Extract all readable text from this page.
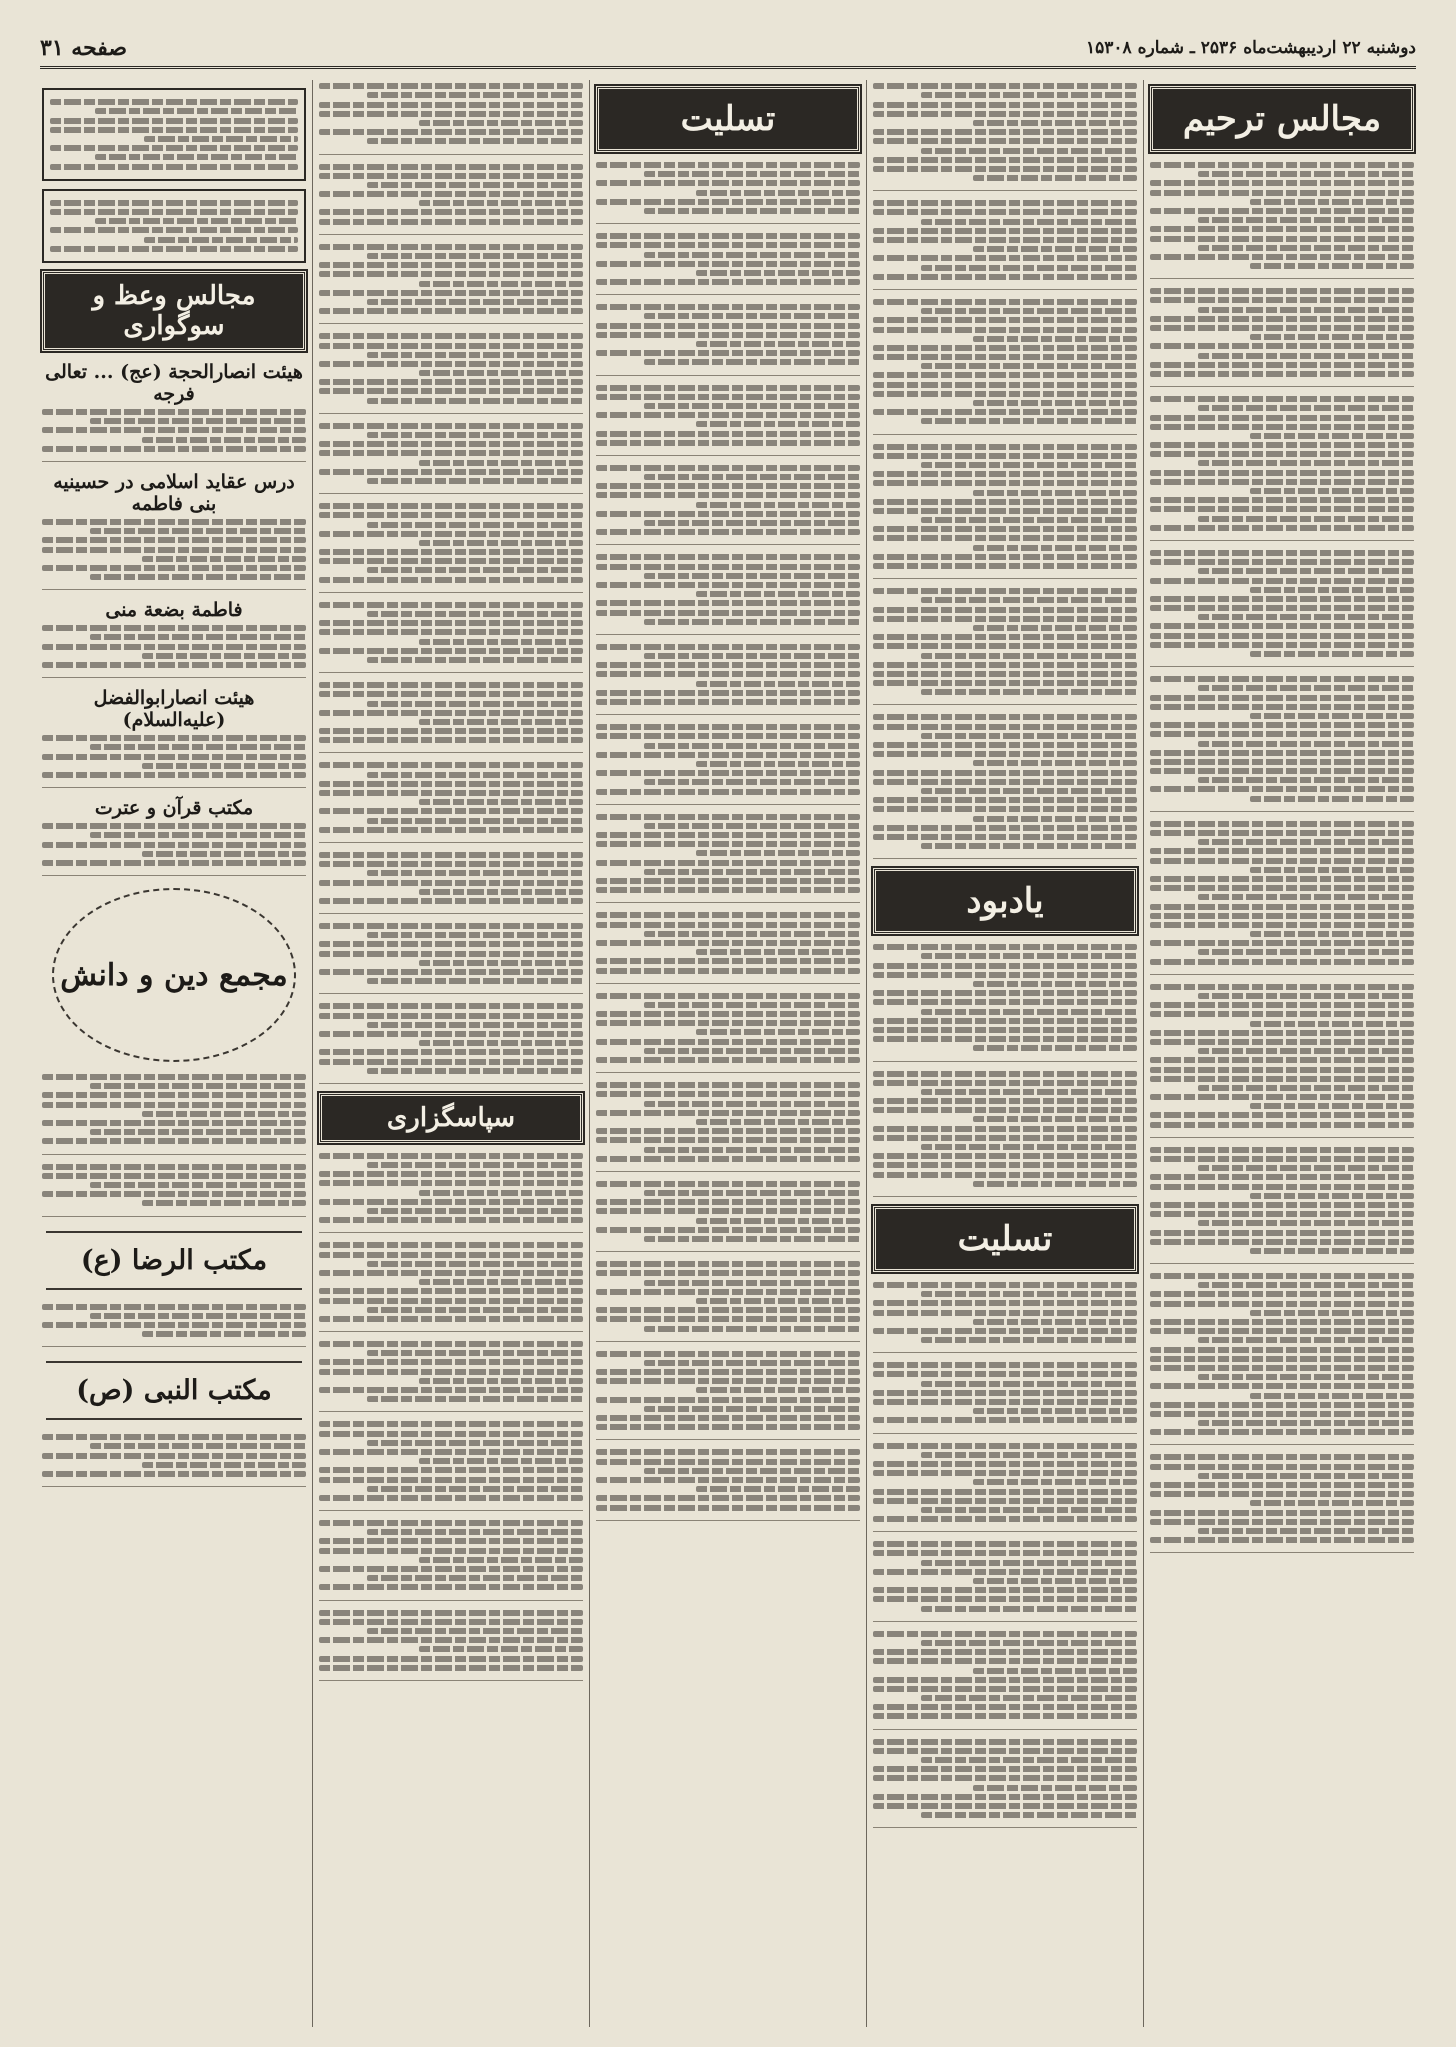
دوشنبه ۲۲ اردیبهشت‌ماه ۲۵۳۶ ـ شماره ۱۵۳۰۸
صفحه ۳۱
مجالس ترحیم
یادبود
تسلیت
تسلیت
سپاسگزاری
مجالس وعظ و سوگواری
هیئت انصارالحجة (عج) ... تعالی فرجه
درس عقاید اسلامی در حسینیه بنی فاطمه
فاطمة بضعة منی
هیئت انصارابوالفضل (علیه‌السلام)
مکتب قرآن و عترت
مجمع دین و دانش
مکتب الرضا (ع)
مکتب النبی (ص)
